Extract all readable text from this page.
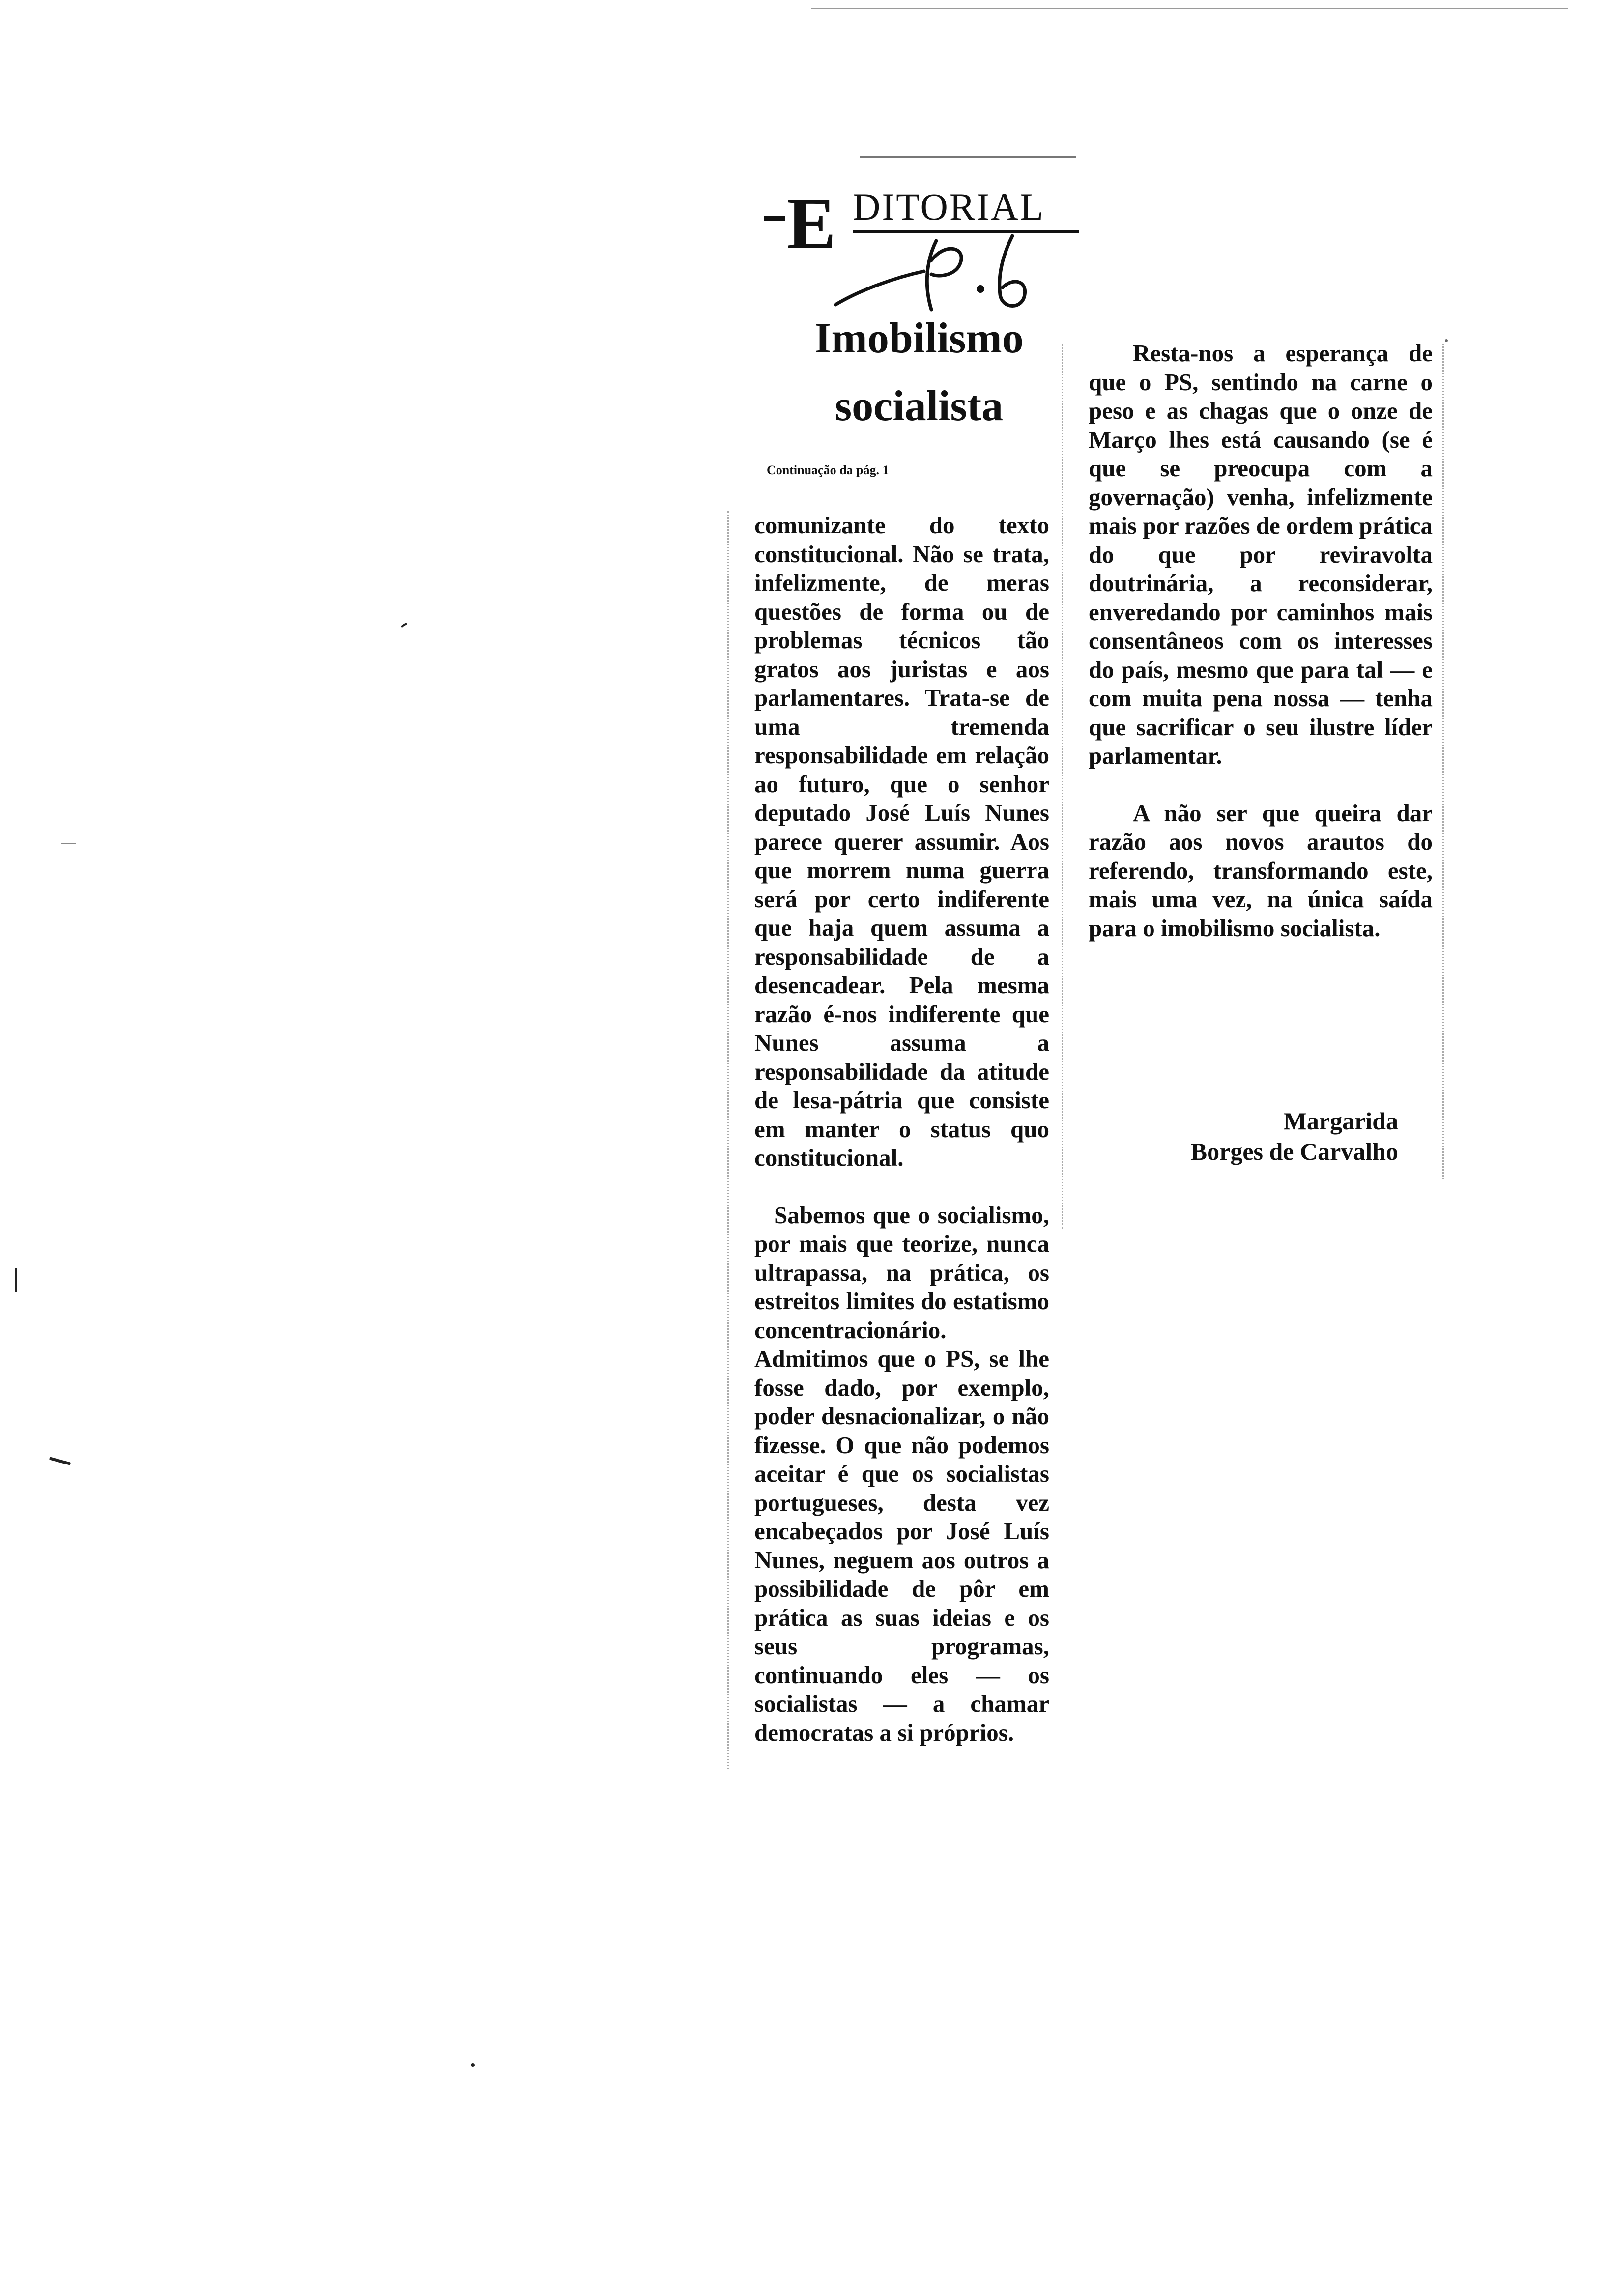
E DITORIAL
Imobilismo
socialista
Continuação da pág. 1

comunizante do texto constitucional. Não se trata, infelizmente, de meras questões de forma ou de problemas técnicos tão gratos aos juristas e aos parlamentares. Trata-se de uma tremenda responsabilidade em relação ao futuro, que o senhor deputado José Luís Nunes parece querer assumir. Aos que morrem numa guerra será por certo indiferente que haja quem assuma a responsabilidade de a desencadear. Pela mesma razão é-nos indiferente que Nunes assuma a responsabilidade da atitude de lesa-pátria que consiste em manter o status quo constitucional.

Sabemos que o socialismo, por mais que teorize, nunca ultrapassa, na prática, os estreitos limites do estatismo concentracionário. Admitimos que o PS, se lhe fosse dado, por exemplo, poder desnacionalizar, o não fizesse. O que não podemos aceitar é que os socialistas portugueses, desta vez encabeçados por José Luís Nunes, neguem aos outros a possibilidade de pôr em prática as suas ideias e os seus programas, continuando eles — os socialistas — a chamar democratas a si próprios.

Resta-nos a esperança de que o PS, sentindo na carne o peso e as chagas que o onze de Março lhes está causando (se é que se preocupa com a governação) venha, infelizmente mais por razões de ordem prática do que por reviravolta doutrinária, a reconsiderar, enveredando por caminhos mais consentâneos com os interesses do país, mesmo que para tal — e com muita pena nossa — tenha que sacrificar o seu ilustre líder parlamentar.

A não ser que queira dar razão aos novos arautos do referendo, transformando este, mais uma vez, na única saída para o imobilismo socialista.

Margarida
Borges de Carvalho
